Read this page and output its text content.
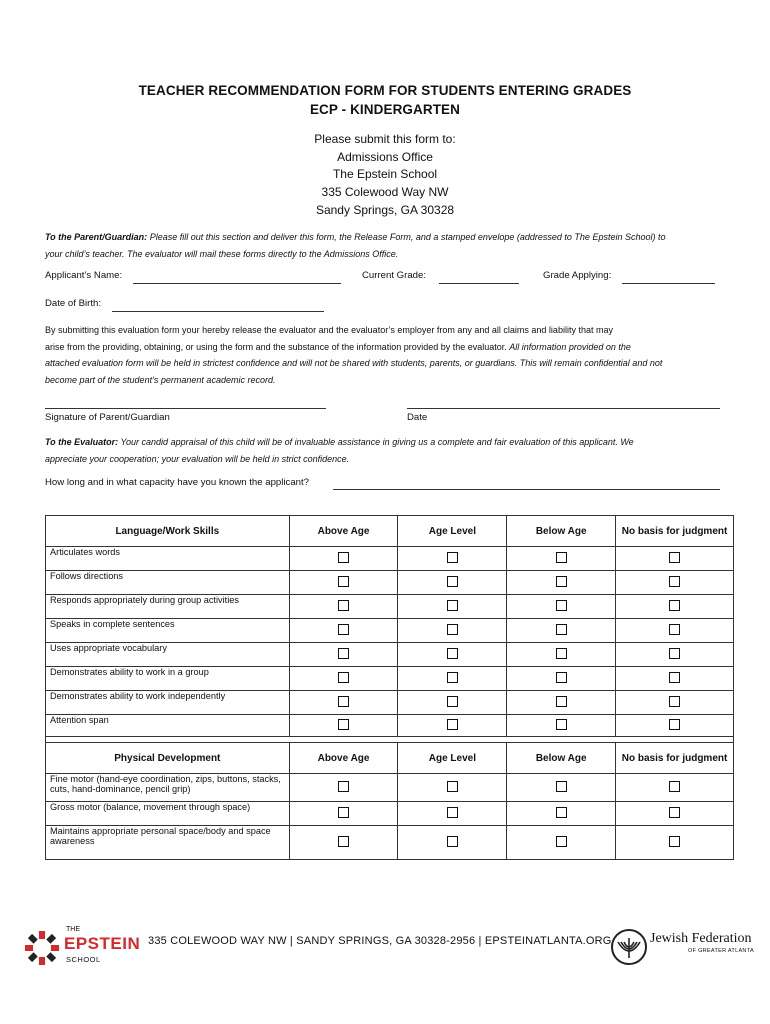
TEACHER RECOMMENDATION FORM FOR STUDENTS ENTERING GRADES
ECP - KINDERGARTEN
Please submit this form to:
Admissions Office
The Epstein School
335 Colewood Way NW
Sandy Springs, GA 30328
To the Parent/Guardian: Please fill out this section and deliver this form, the Release Form, and a stamped envelope (addressed to The Epstein School) to
your child’s teacher. The evaluator will mail these forms directly to the Admissions Office.
Applicant’s Name:	Current Grade:	Grade Applying:
Date of Birth:
By submitting this evaluation form your hereby release the evaluator and the evaluator’s employer from any and all claims and liability that may
arise from the providing, obtaining, or using the form and the substance of the information provided by the evaluator. All information provided on the
attached evaluation form will be held in strictest confidence and will not be shared with students, parents, or guardians. This will remain confidential and not
become part of the student’s permanent academic record.
Signature of Parent/Guardian	Date
To the Evaluator: Your candid appraisal of this child will be of invaluable assistance in giving us a complete and fair evaluation of this applicant. We
appreciate your cooperation; your evaluation will be held in strict confidence.
How long and in what capacity have you known the applicant?
Language/Work Skills	Above Age	Age Level	Below Age	No basis for judgment
Articulates words				
Follows directions				
Responds appropriately during group activities				
Speaks in complete sentences				
Uses appropriate vocabulary				
Demonstrates ability to work in a group				
Demonstrates ability to work independently				
Attention span				

Physical Development	Above Age	Age Level	Below Age	No basis for judgment
Fine motor (hand-eye coordination, zips, buttons, stacks, cuts, hand-dominance, pencil grip)				
Gross motor (balance, movement through space)				
Maintains appropriate personal space/body and space awareness				
THE
EPSTEIN
SCHOOL
335 COLEWOOD WAY NW | SANDY SPRINGS, GA 30328-2956 | EPSTEINATLANTA.ORG	Jewish Federation
OF GREATER ATLANTA
